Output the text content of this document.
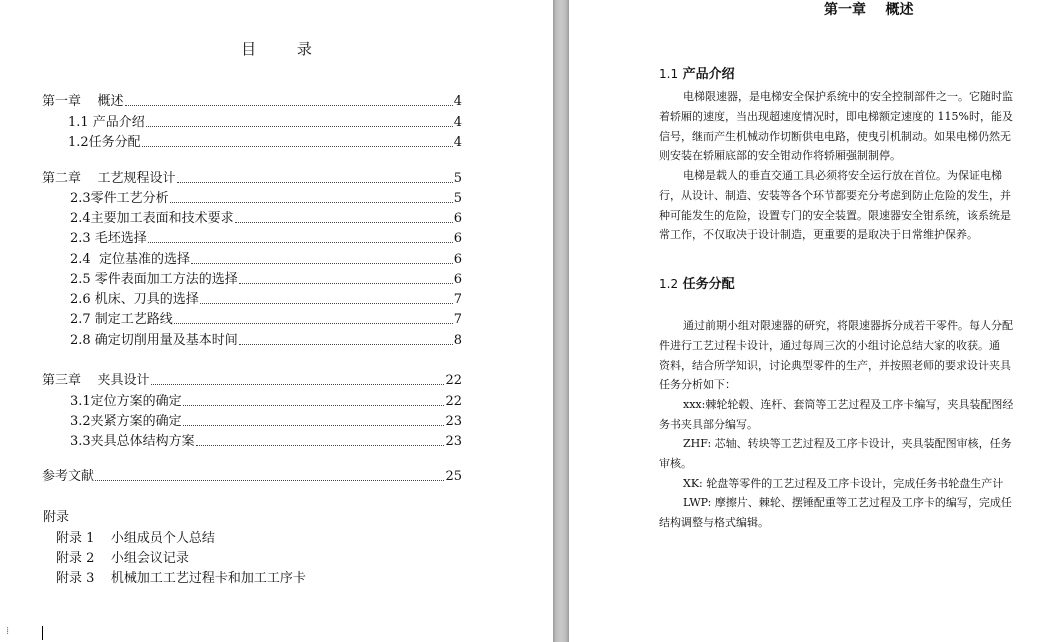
目 录
第一章    概述	4
1.1 产品介绍	4
1.2任务分配	4
第二章    工艺规程设计	5
2.3零件工艺分析	5
2.4主要加工表面和技术要求	6
2.3 毛坯选择	6
2.4  定位基准的选择	6
2.5 零件表面加工方法的选择	6
2.6 机床、刀具的选择	7
2.7 制定工艺路线	7
2.8 确定切削用量及基本时间	8
第三章    夹具设计	22
3.1定位方案的确定	22
3.2夹紧方案的确定	23
3.3夹具总体结构方案	23
参考文献	25
附录
附录 1    小组成员个人总结
附录 2    小组会议记录
附录 3    机械加工工艺过程卡和加工工序卡
⁞
第一章    概述
1.1 产品介绍
电梯限速器，是电梯安全保护系统中的安全控制部件之一。它随时监
着轿厢的速度，当出现超速度情况时，即电梯额定速度的 115%时，能及
信号，继而产生机械动作切断供电电路，使曳引机制动。如果电梯仍然无
则安装在轿厢底部的安全钳动作将轿厢强制制停。
电梯是载人的垂直交通工具必须将安全运行放在首位。为保证电梯
行，从设计、制造、安装等各个环节都要充分考虑到防止危险的发生，并
种可能发生的危险，设置专门的安全装置。限速器安全钳系统，该系统是
常工作，不仅取决于设计制造，更重要的是取决于日常维护保养。
1.2 任务分配
通过前期小组对限速器的研究，将限速器拆分成若干零件。每人分配
件进行工艺过程卡设计，通过每周三次的小组讨论总结大家的收获。通
资料，结合所学知识，讨论典型零件的生产，并按照老师的要求设计夹具
任务分析如下：
xxx:棘轮轮毂、连杆、套筒等工艺过程及工序卡编写，夹具装配图经
务书夹具部分编写。
ZHF: 芯轴、转块等工艺过程及工序卡设计，夹具装配图审核，任务
审核。
XK: 轮盘等零件的工艺过程及工序卡设计，完成任务书轮盘生产计
LWP: 摩擦片、棘轮、摆锤配重等工艺过程及工序卡的编写，完成任
结构调整与格式编辑。
